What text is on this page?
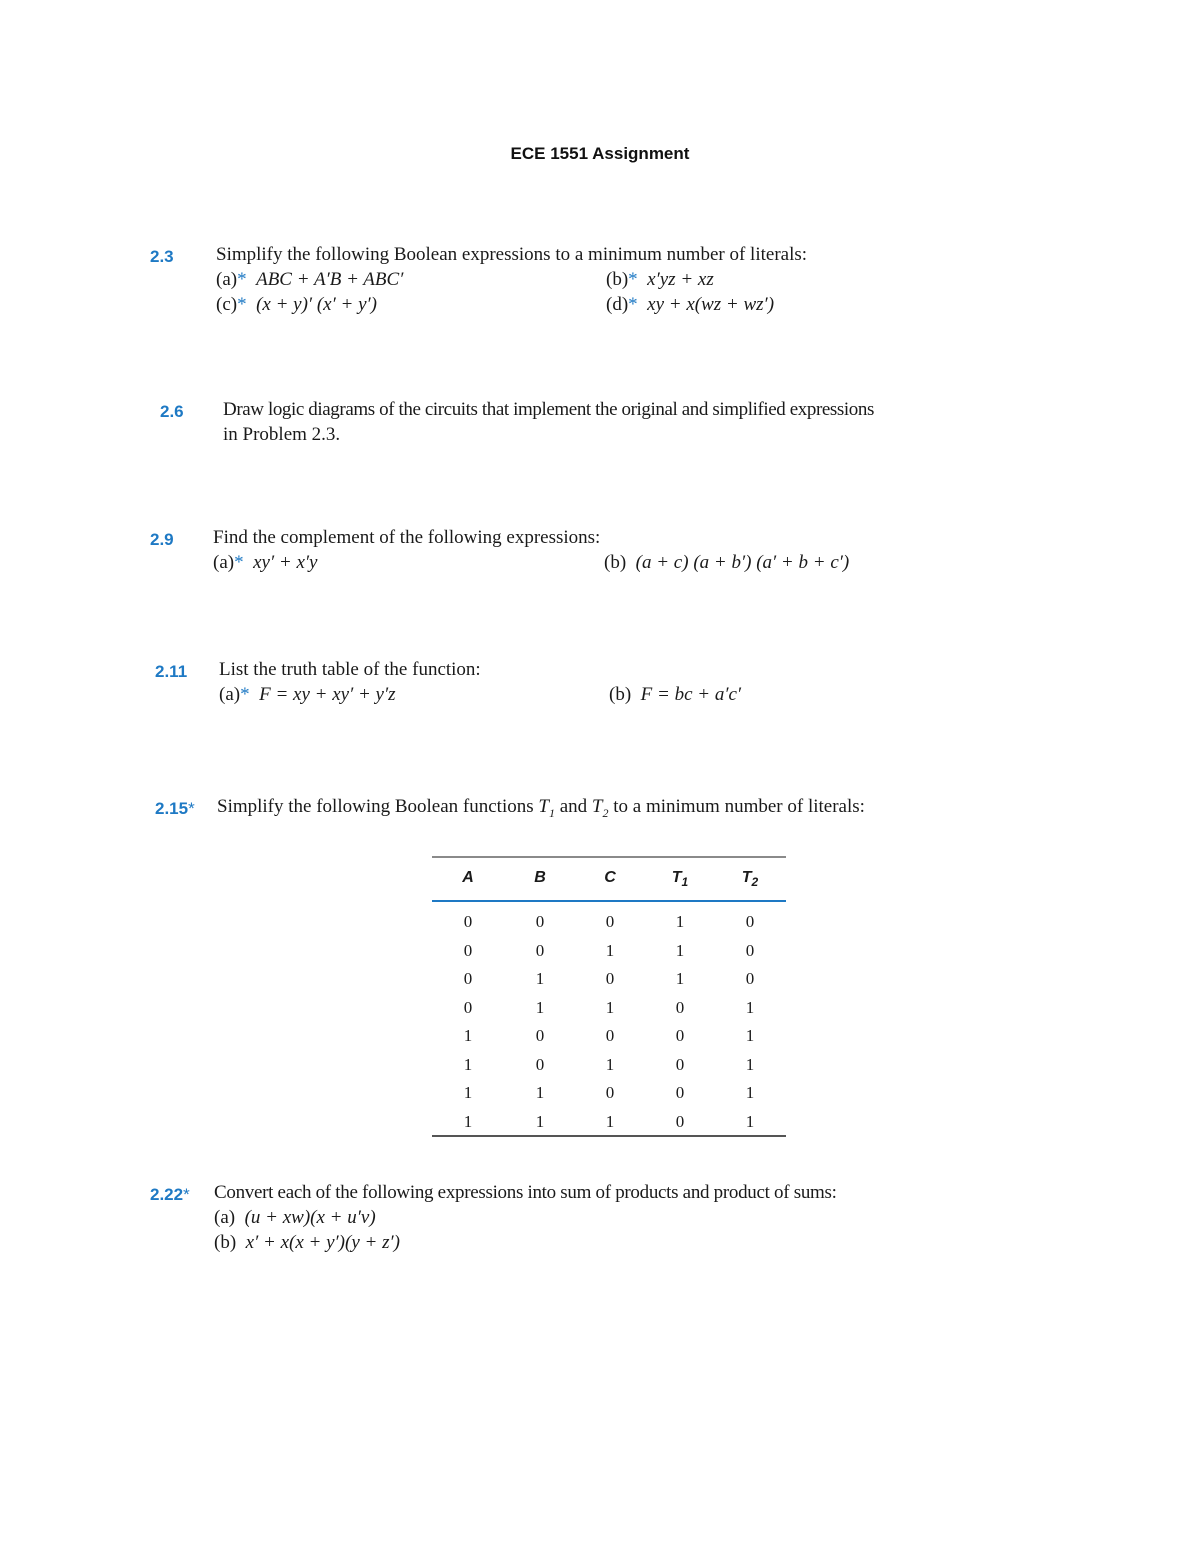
ECE 1551 Assignment
2.3 Simplify the following Boolean expressions to a minimum number of literals:
(a)* ABC + A′B + ABC′	(b)* x′yz + xz
(c)* (x + y)′ (x′ + y′)	(d)* xy + x(wz + wz′)
2.6 Draw logic diagrams of the circuits that implement the original and simplified expressions
in Problem 2.3.
2.9 Find the complement of the following expressions:
(a)* xy′ + x′y	(b) (a + c) (a + b′) (a′ + b + c′)
2.11 List the truth table of the function:
(a)* F = xy + xy′ + y′z	(b) F = bc + a′c′
2.15* Simplify the following Boolean functions $T_1$ and $T_2$ to a minimum number of literals:
A	B	C	$T_1$	$T_2$
0	0	0	1	0
0	0	1	1	0
0	1	0	1	0
0	1	1	0	1
1	0	0	0	1
1	0	1	0	1
1	1	0	0	1
1	1	1	0	1
2.22* Convert each of the following expressions into sum of products and product of sums:
(a) (u + xw)(x + u′v)
(b) x′ + x(x + y′)(y + z′)
